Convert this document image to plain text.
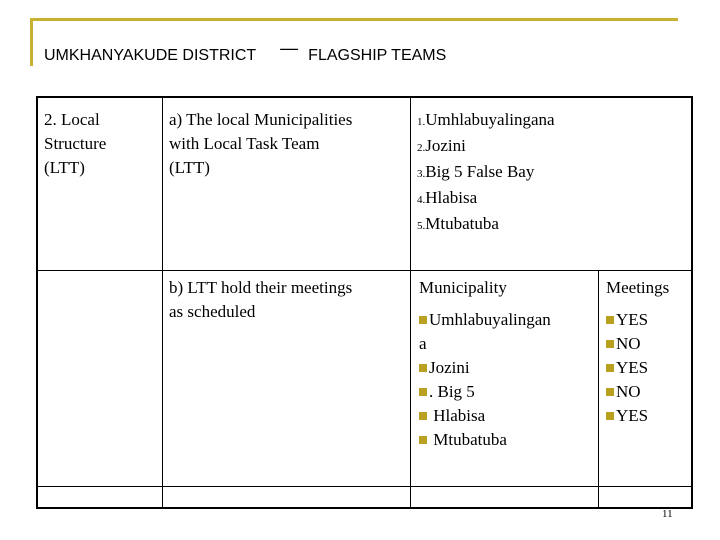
UMKHANYAKUDE DISTRICT — FLAGSHIP TEAMS
2. Local
Structure
(LTT)
a) The local Municipalities
with Local Task Team
(LTT)
1.Umhlabuyalingana
2.Jozini
3.Big 5 False Bay
4.Hlabisa
5.Mtubatuba
b) LTT hold their meetings
as scheduled
Municipality	Meetings
Umhlabuyalingan
a
Jozini
. Big 5
Hlabisa
Mtubatuba
YES
NO
YES
NO
YES
11
